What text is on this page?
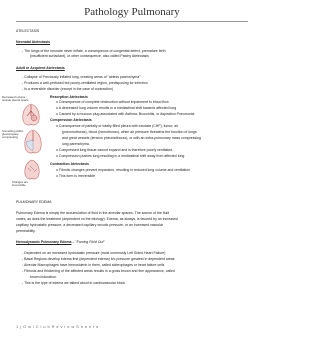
Pathology Pulmonary
ATELECTASIS
Neonatal Atelectasis
- The lungs of the neonate never inflate, a consequence of congenital defect, premature birth
(insufficient surfactant), or other consequence, also called Patchy Atelectasis
Adult or Acquired Atelectasis
- Collapse of Previously inflated lung, creating areas of "airless parenchyma"
- Produces a well-perfused but poorly-ventilated region, predisposing for infection
- Is a reversible disorder (except in the case of contraction)
Resorption Atelectasis
o Consequence of complete obstruction without impairment to blood flow
o A decreased lung volume results in a mediastinal shift towards affected lung
o Caused by a mucous plug associated with Asthma, Bronchitis, or Aspiration Pneumonia
Compression Atelectasis
o Consequence of partially or totally filled pleura with exudate (CHF), tumor, air
(pneumothorax), blood (hemothorax), when air pressure threatens the function of lungs
and great vessels (tension pneumothorax), or with an extra-pulmonary mass compressing
lung parenchyma.
o Compressed lung tissue cannot expand and is therefore poorly ventilated.
o Compression pushes lung resulting in a mediastinal shift away from affected lung
Contraction Atelectasis
o Fibrotic changes prevent expansion, resulting in reduced lung volume and ventilation
o This form is irreversible
Decreased volume
outside pleural space
Something within
pleural space
compressing
Changes are
irreversible
PULMONARY EDEMA
Pulmonary Edema is simply the accumulation of fluid in the alveolar spaces. The source of the fluid
varies, as does the treatment (dependent on the etiology). Edema, as always, is favored by an increased
capillary hydrostatic pressure, a decreased capillary oncotic pressure, or an increased vascular
permeability.
Hemodynamic Pulmonary Edema – "Forcing Fluid Out"
- Dependent on an increased hydrostatic pressure (most commonly Left Sided Heart Failure)
- Basal Regions develop edema first (dependent edema) b/c pressure greatest in dependent areas
- Alveolar Macrophages have hemosiderin in them, called siderophages or heart failure cells
- Fibrosis and thickening of the affected areas results in a gross brown and firm appearance, called
brown induration.
- This is the type of edema we talked about in cardiovascular block
1 | O w l C l u b R e v i e w S h e e t s
